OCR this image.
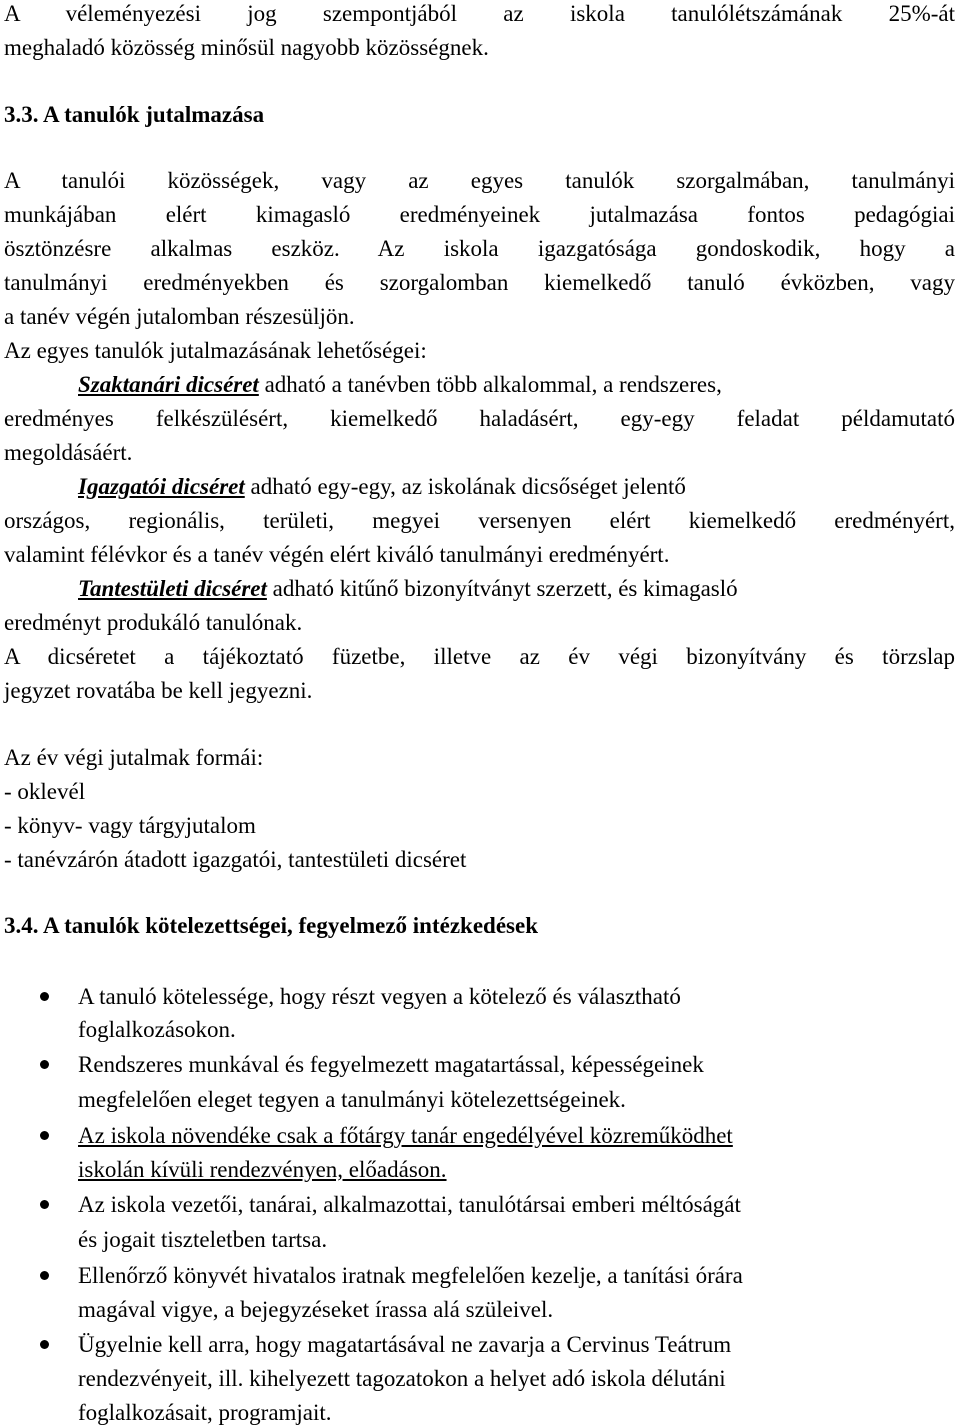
A véleményezési jog szempontjából az iskola tanulólétszámának 25%-át
meghaladó közösség minősül nagyobb közösségnek.
3.3. A tanulók jutalmazása
A tanulói közösségek, vagy az egyes tanulók szorgalmában, tanulmányi
munkájában elért kimagasló eredményeinek jutalmazása fontos pedagógiai
ösztönzésre alkalmas eszköz. Az iskola igazgatósága gondoskodik, hogy a
tanulmányi eredményekben és szorgalomban kiemelkedő tanuló évközben, vagy
a tanév végén jutalomban részesüljön.
Az egyes tanulók jutalmazásának lehetőségei:
Szaktanári dicséret adható a tanévben több alkalommal, a rendszeres,
eredményes felkészülésért, kiemelkedő haladásért, egy-egy feladat példamutató
megoldásáért.
Igazgatói dicséret adható egy-egy, az iskolának dicsőséget jelentő
országos, regionális, területi, megyei versenyen elért kiemelkedő eredményért,
valamint félévkor és a tanév végén elért kiváló tanulmányi eredményért.
Tantestületi dicséret adható kitűnő bizonyítványt szerzett, és kimagasló
eredményt produkáló tanulónak.
A dicséretet a tájékoztató füzetbe, illetve az év végi bizonyítvány és törzslap
jegyzet rovatába be kell jegyezni.
Az év végi jutalmak formái:
- oklevél
- könyv- vagy tárgyjutalom
- tanévzárón átadott igazgatói, tantestületi dicséret
3.4. A tanulók kötelezettségei, fegyelmező intézkedések
A tanuló kötelessége, hogy részt vegyen a kötelező és választható
foglalkozásokon.
Rendszeres munkával és fegyelmezett magatartással, képességeinek
megfelelően eleget tegyen a tanulmányi kötelezettségeinek.
Az iskola növendéke csak a főtárgy tanár engedélyével közreműködhet
iskolán kívüli rendezvényen, előadáson.
Az iskola vezetői, tanárai, alkalmazottai, tanulótársai emberi méltóságát
és jogait tiszteletben tartsa.
Ellenőrző könyvét hivatalos iratnak megfelelően kezelje, a tanítási órára
magával vigye, a bejegyzéseket írassa alá szüleivel.
Ügyelnie kell arra, hogy magatartásával ne zavarja a Cervinus Teátrum
rendezvényeit, ill. kihelyezett tagozatokon a helyet adó iskola délutáni
foglalkozásait, programjait.
